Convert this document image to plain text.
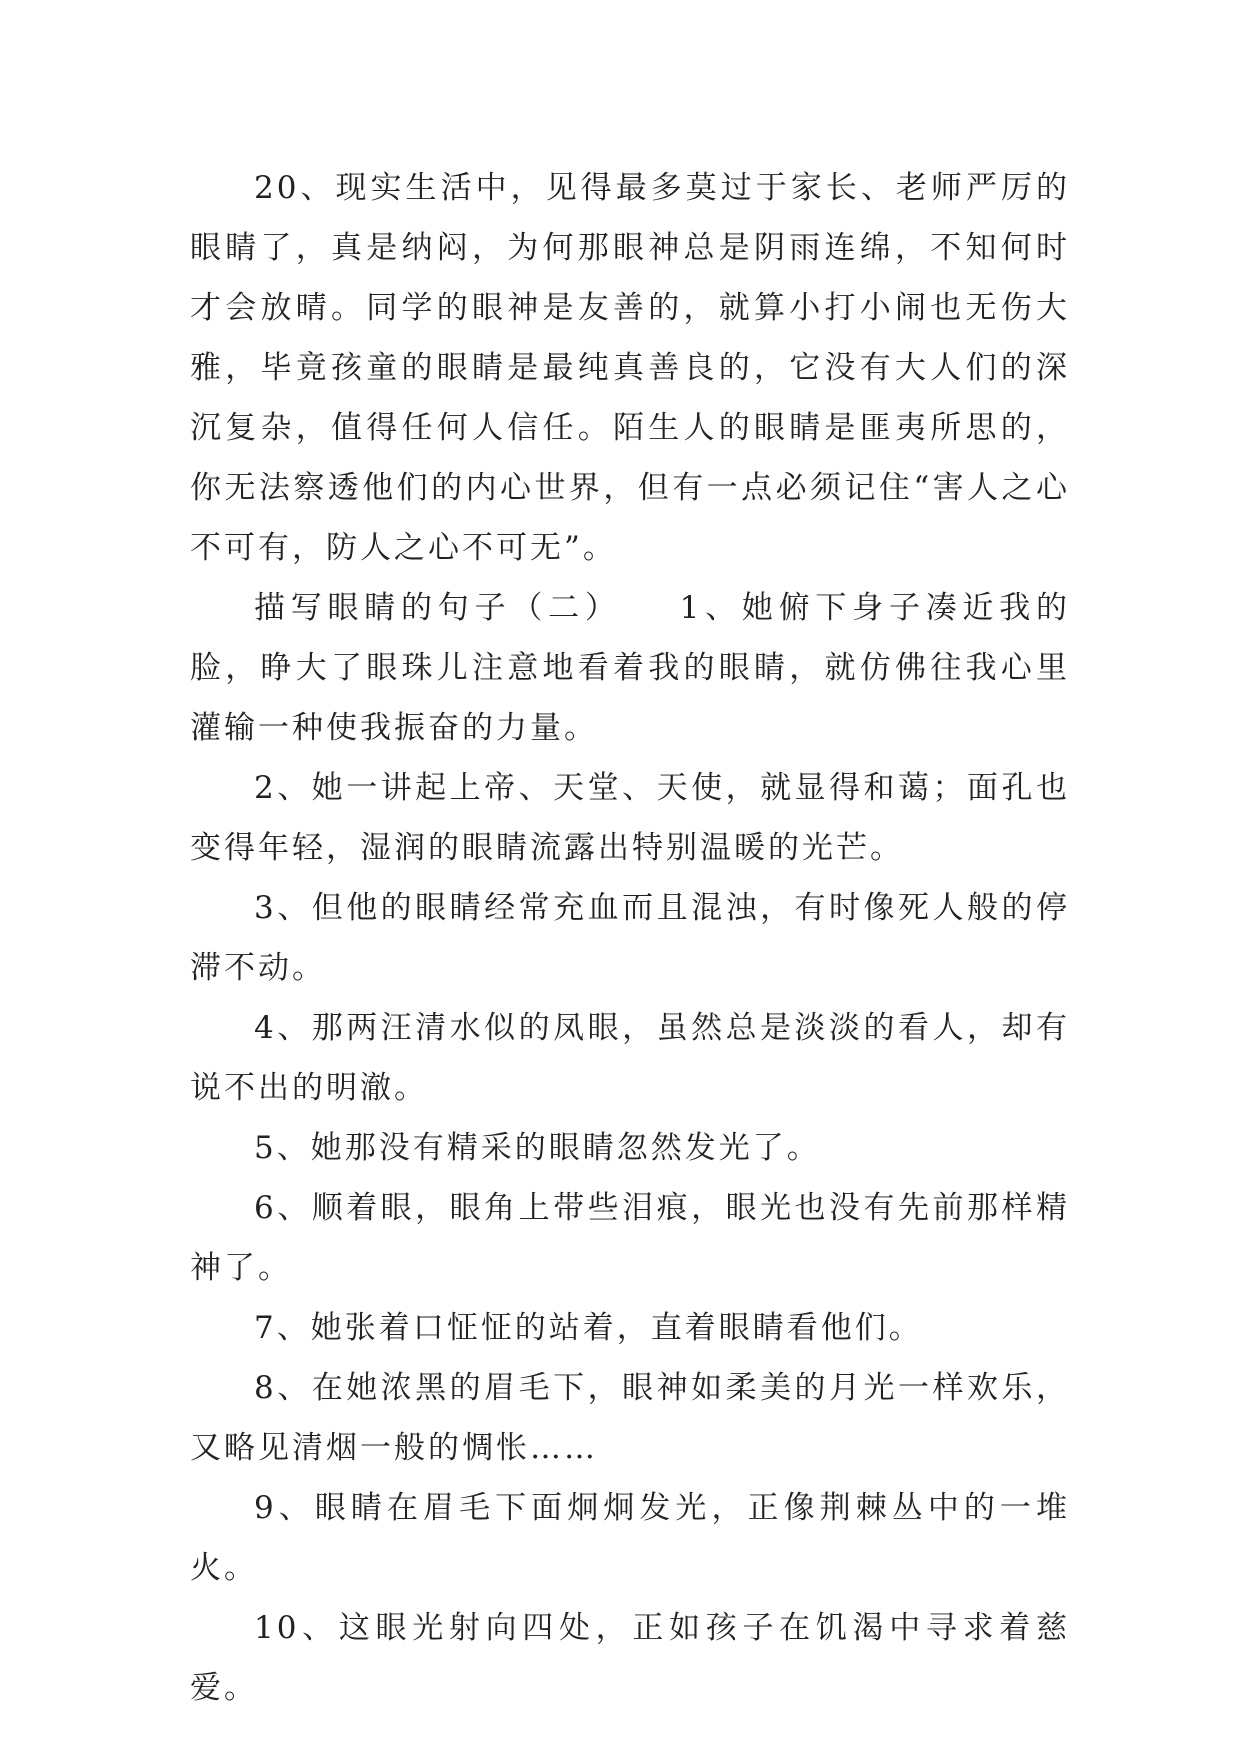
20、现实生活中，见得最多莫过于家长、老师严厉的眼睛了，真是纳闷，为何那眼神总是阴雨连绵，不知何时才会放晴。同学的眼神是友善的，就算小打小闹也无伤大雅，毕竟孩童的眼睛是最纯真善良的，它没有大人们的深沉复杂，值得任何人信任。陌生人的眼睛是匪夷所思的，你无法察透他们的内心世界，但有一点必须记住“害人之心不可有，防人之心不可无”。

描写眼睛的句子（二）　　1、她俯下身子凑近我的脸，睁大了眼珠儿注意地看着我的眼睛，就仿佛往我心里灌输一种使我振奋的力量。

2、她一讲起上帝、天堂、天使，就显得和蔼；面孔也变得年轻，湿润的眼睛流露出特别温暖的光芒。

3、但他的眼睛经常充血而且混浊，有时像死人般的停滞不动。

4、那两汪清水似的凤眼，虽然总是淡淡的看人，却有说不出的明澈。

5、她那没有精采的眼睛忽然发光了。

6、顺着眼，眼角上带些泪痕，眼光也没有先前那样精神了。

7、她张着口怔怔的站着，直着眼睛看他们。

8、在她浓黑的眉毛下，眼神如柔美的月光一样欢乐，又略见清烟一般的惆怅……

9、眼睛在眉毛下面炯炯发光，正像荆棘丛中的一堆火。

10、这眼光射向四处，正如孩子在饥渴中寻求着慈爱。
